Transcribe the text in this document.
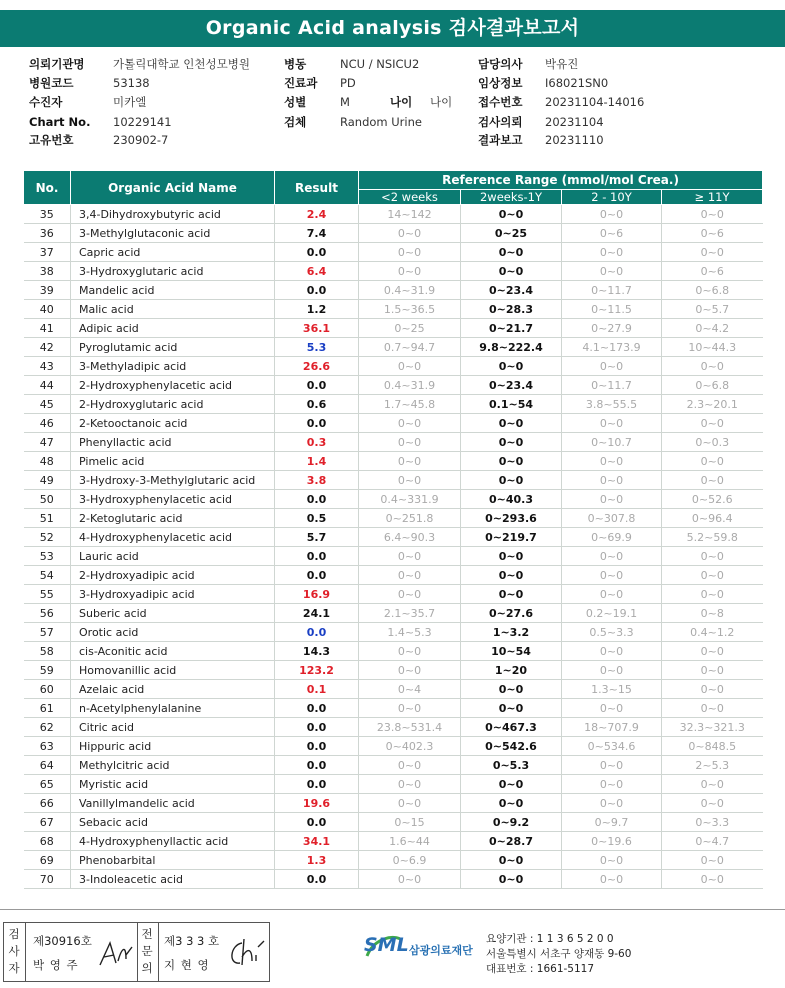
Organic Acid analysis 검사결과보고서
의뢰기관명 가톨릭대학교 인천성모병원	병동	NCU / NSICU2	담당의사 박유진
병원코드	53138	진료과 PD	임상정보 I68021SN0
수진자	미카엘	성별	M	나이 나이 접수번호 20231104-14016
Chart No. 10229141	검체	Random Urine	검사의뢰 20231104
고유번호	230902-7	결과보고 20231110
No.	Organic Acid Name	Result	Reference Range (mmol/mol Crea.)			
			<2 weeks	2weeks-1Y	2 - 10Y	≥ 11Y
35	3,4-Dihydroxybutyric acid	2.4	14~142	0~0	0~0	0~0
36	3-Methylglutaconic acid	7.4	0~0	0~25	0~6	0~6
37	Capric acid	0.0	0~0	0~0	0~0	0~0
38	3-Hydroxyglutaric acid	6.4	0~0	0~0	0~0	0~6
39	Mandelic acid	0.0	0.4~31.9	0~23.4	0~11.7	0~6.8
40	Malic acid	1.2	1.5~36.5	0~28.3	0~11.5	0~5.7
41	Adipic acid	36.1	0~25	0~21.7	0~27.9	0~4.2
42	Pyroglutamic acid	5.3	0.7~94.7	9.8~222.4	4.1~173.9	10~44.3
43	3-Methyladipic acid	26.6	0~0	0~0	0~0	0~0
44	2-Hydroxyphenylacetic acid	0.0	0.4~31.9	0~23.4	0~11.7	0~6.8
45	2-Hydroxyglutaric acid	0.6	1.7~45.8	0.1~54	3.8~55.5	2.3~20.1
46	2-Ketooctanoic acid	0.0	0~0	0~0	0~0	0~0
47	Phenyllactic acid	0.3	0~0	0~0	0~10.7	0~0.3
48	Pimelic acid	1.4	0~0	0~0	0~0	0~0
49	3-Hydroxy-3-Methylglutaric acid	3.8	0~0	0~0	0~0	0~0
50	3-Hydroxyphenylacetic acid	0.0	0.4~331.9	0~40.3	0~0	0~52.6
51	2-Ketoglutaric acid	0.5	0~251.8	0~293.6	0~307.8	0~96.4
52	4-Hydroxyphenylacetic acid	5.7	6.4~90.3	0~219.7	0~69.9	5.2~59.8
53	Lauric acid	0.0	0~0	0~0	0~0	0~0
54	2-Hydroxyadipic acid	0.0	0~0	0~0	0~0	0~0
55	3-Hydroxyadipic acid	16.9	0~0	0~0	0~0	0~0
56	Suberic acid	24.1	2.1~35.7	0~27.6	0.2~19.1	0~8
57	Orotic acid	0.0	1.4~5.3	1~3.2	0.5~3.3	0.4~1.2
58	cis-Aconitic acid	14.3	0~0	10~54	0~0	0~0
59	Homovanillic acid	123.2	0~0	1~20	0~0	0~0
60	Azelaic acid	0.1	0~4	0~0	1.3~15	0~0
61	n-Acetylphenylalanine	0.0	0~0	0~0	0~0	0~0
62	Citric acid	0.0	23.8~531.4	0~467.3	18~707.9	32.3~321.3
63	Hippuric acid	0.0	0~402.3	0~542.6	0~534.6	0~848.5
64	Methylcitric acid	0.0	0~0	0~5.3	0~0	2~5.3
65	Myristic acid	0.0	0~0	0~0	0~0	0~0
66	Vanillylmandelic acid	19.6	0~0	0~0	0~0	0~0
67	Sebacic acid	0.0	0~15	0~9.2	0~9.7	0~3.3
68	4-Hydroxyphenyllactic acid	34.1	1.6~44	0~28.7	0~19.6	0~4.7
69	Phenobarbital	1.3	0~6.9	0~0	0~0	0~0
70	3-Indoleacetic acid	0.0	0~0	0~0	0~0	0~0
검사자
제30916호
박 영 주
전문의
제3 3 3 호
지 현 영
SML 삼광의료재단
요양기관 : 1 1 3 6 5 2 0 0
서울특별시 서초구 양재동 9-60
대표번호 : 1661-5117
